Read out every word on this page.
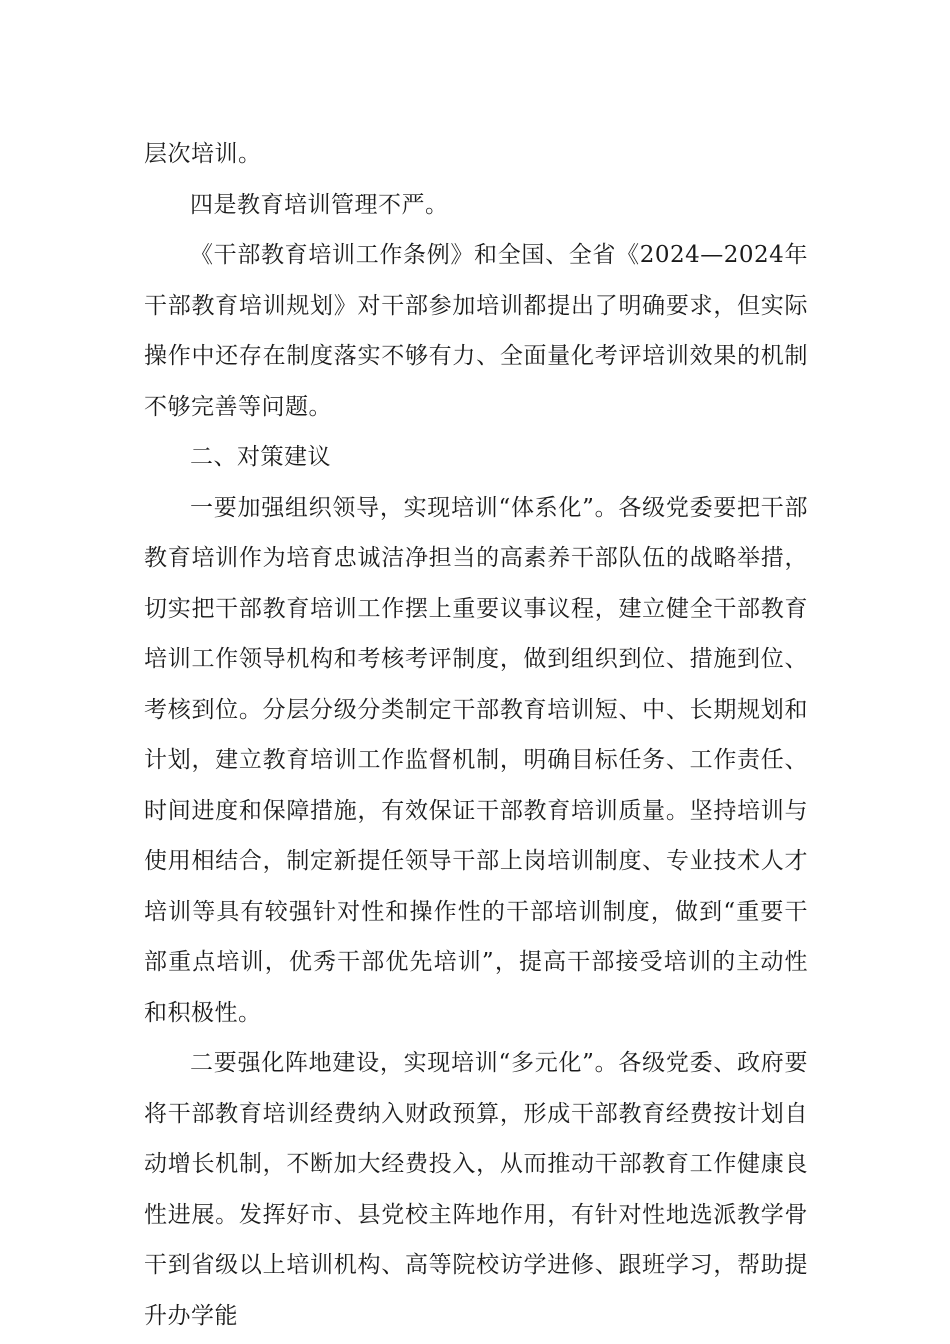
层次培训。

四是教育培训管理不严。

《干部教育培训工作条例》和全国、全省《2024—2024年干部教育培训规划》对干部参加培训都提出了明确要求，但实际操作中还存在制度落实不够有力、全面量化考评培训效果的机制不够完善等问题。

二、对策建议

一要加强组织领导，实现培训“体系化”。各级党委要把干部教育培训作为培育忠诚洁净担当的高素养干部队伍的战略举措，切实把干部教育培训工作摆上重要议事议程，建立健全干部教育培训工作领导机构和考核考评制度，做到组织到位、措施到位、考核到位。分层分级分类制定干部教育培训短、中、长期规划和计划，建立教育培训工作监督机制，明确目标任务、工作责任、时间进度和保障措施，有效保证干部教育培训质量。坚持培训与使用相结合，制定新提任领导干部上岗培训制度、专业技术人才培训等具有较强针对性和操作性的干部培训制度，做到“重要干部重点培训，优秀干部优先培训”，提高干部接受培训的主动性和积极性。

二要强化阵地建设，实现培训“多元化”。各级党委、政府要将干部教育培训经费纳入财政预算，形成干部教育经费按计划自动增长机制，不断加大经费投入，从而推动干部教育工作健康良性进展。发挥好市、县党校主阵地作用，有针对性地选派教学骨干到省级以上培训机构、高等院校访学进修、跟班学习，帮助提升办学能
